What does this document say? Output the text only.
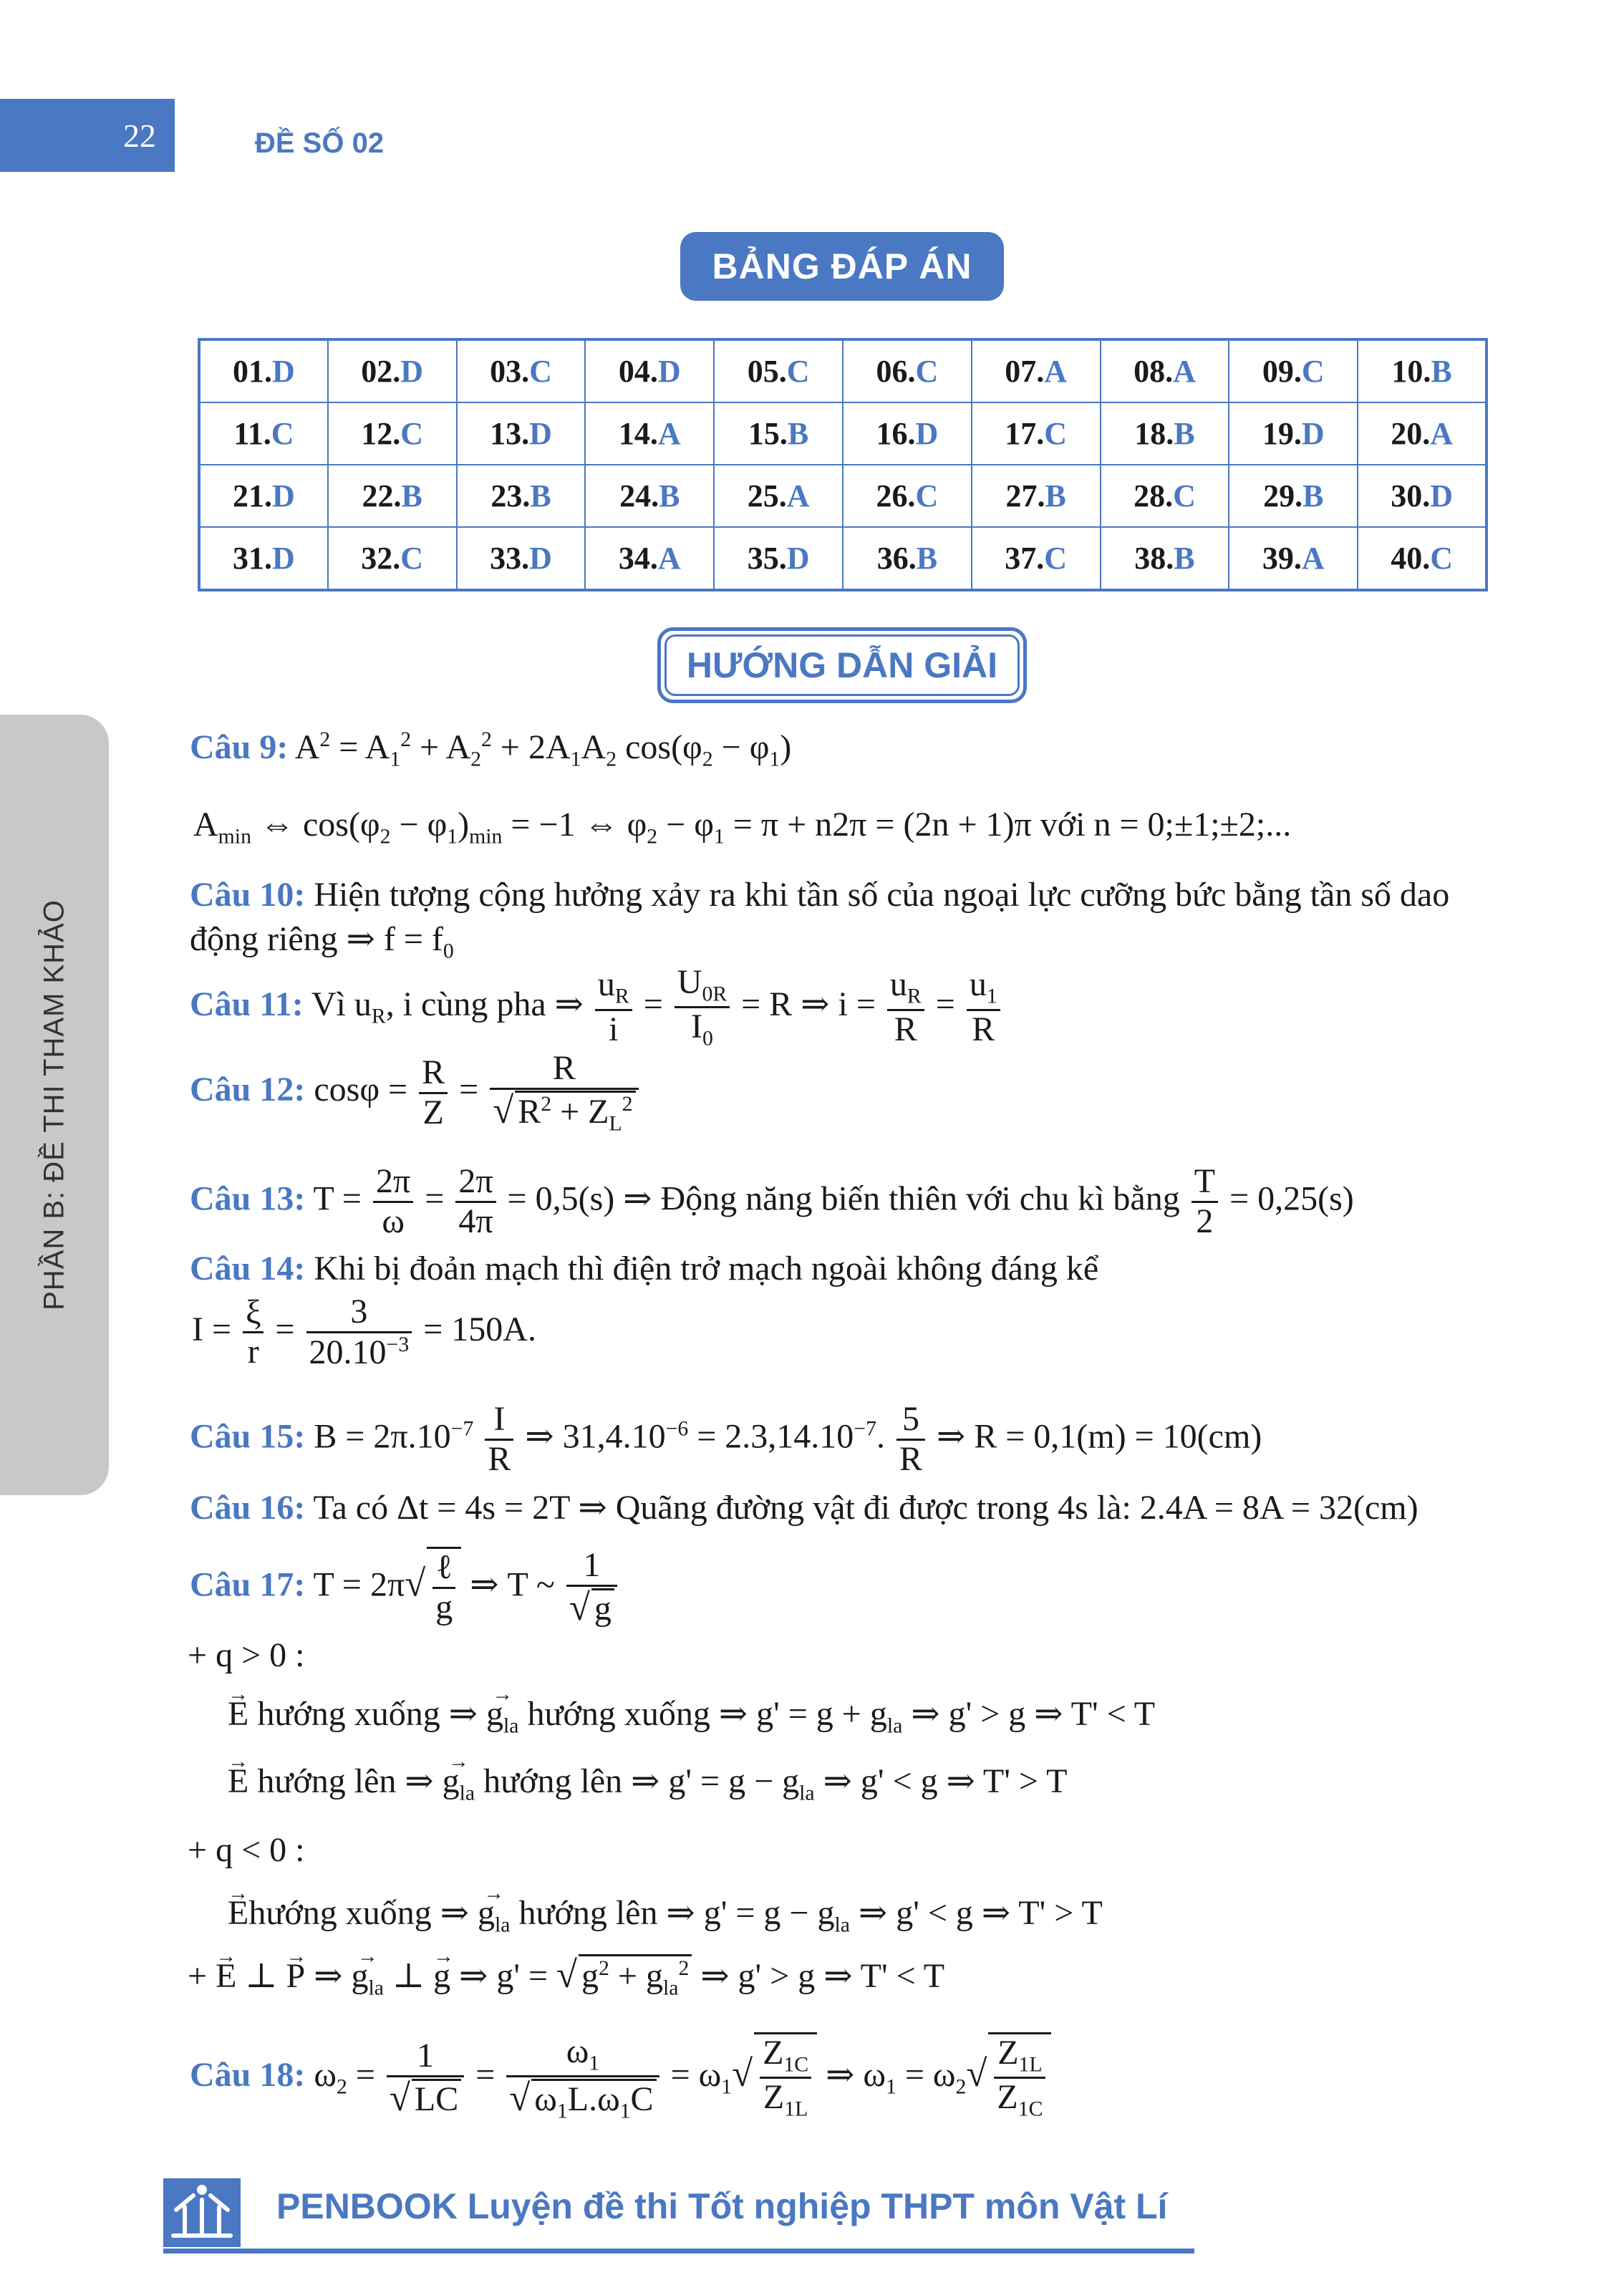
22	ĐỀ SỐ 02
BẢNG ĐÁP ÁN
01.D	02.D	03.C	04.D	05.C	06.C	07.A	08.A	09.C	10.B
11.C	12.C	13.D	14.A	15.B	16.D	17.C	18.B	19.D	20.A
21.D	22.B	23.B	24.B	25.A	26.C	27.B	28.C	29.B	30.D
31.D	32.C	33.D	34.A	35.D	36.B	37.C	38.B	39.A	40.C
HƯỚNG DẪN GIẢI
PHẦN B: ĐỀ THI THAM KHẢO
Câu 9: $A^2 = A_1^2 + A_2^2 + 2A_1A_2$ $\cos(\varphi_2 - \varphi_1)$
$A_{min}$ ⇔ $\cos(\varphi_2 - \varphi_1)_{min} = -1$ ⇔ $\varphi_2 - \varphi_1 = \pi + n2\pi = (2n + 1)\pi$ với n = 0;±1;±2;...
Câu 10: Hiện tượng cộng hưởng xảy ra khi tần số của ngoại lực cưỡng bức bằng tần số dao
động riêng ⇒ $f = f_0$
Câu 11: Vì $u_R$, i cùng pha ⇒ $\frac{u_R}{i} = \frac{U_{0R}}{I_0} = R$ ⇒ $i = \frac{u_R}{R} = \frac{u_1}{R}$
Câu 12: $\cos\varphi = \frac{R}{Z} = \frac{R}{√ R^2 + Z_L^2}$
Câu 13: $T = \frac{2\pi}{\omega} = \frac{2\pi}{4\pi} = 0,5(s)$ ⇒ Động năng biến thiên với chu kì bằng $\frac{T}{2} = 0,25(s)$
Câu 14: Khi bị đoản mạch thì điện trở mạch ngoài không đáng kể
$I = \frac{\xi}{r} = \frac{3}{20.10^{-3}} = 150A$.
Câu 15: $B = 2\pi.10^{-7} \frac{I}{R}$ ⇒ $31,4.10^{-6} = 2.3,14.10^{-7}$. $\frac{5}{R}$ ⇒ R = 0,1(m) = 10(cm)
Câu 16: Ta có Δt = 4s = 2T ⇒ Quãng đường vật đi được trong 4s là: 2.4A = 8A = 32(cm)
Câu 17: $T = 2\pi√ \frac{\text{ℓ}}{g}$ ⇒ T ~ $\frac{1}{√ g}$
+ q > 0 :
→ E hướng xuống ⇒ → $g_{la}$ hướng xuống ⇒ $g' = g + g_{la}$ ⇒ g' > g ⇒ T' < T
→ E hướng lên ⇒ → $g_{la}$ hướng lên ⇒ $g' = g - g_{la}$ ⇒ g' < g ⇒ T' > T
+ q < 0 :
→ Ehướng xuống ⇒ → $g_{la}$ hướng lên ⇒ $g' = g - g_{la}$ ⇒ g' < g ⇒ T' > T
+ → E ⊥ → P ⇒ → $g_{la}$ ⊥ → g ⇒ g' = √ $g^2 + g_{la}^2$ ⇒ g' > g ⇒ T' < T
Câu 18: $\omega_2 = \frac{1}{√ LC} = \frac{\omega_1}{√ \omega_1L.\omega_1C} = \omega_1√ \frac{Z_{1C}}{Z_{1L}}$ ⇒ $\omega_1 = \omega_2√ \frac{Z_{1L}}{Z_{1C}}$
PENBOOK Luyện đề thi Tốt nghiệp THPT môn Vật Lí
